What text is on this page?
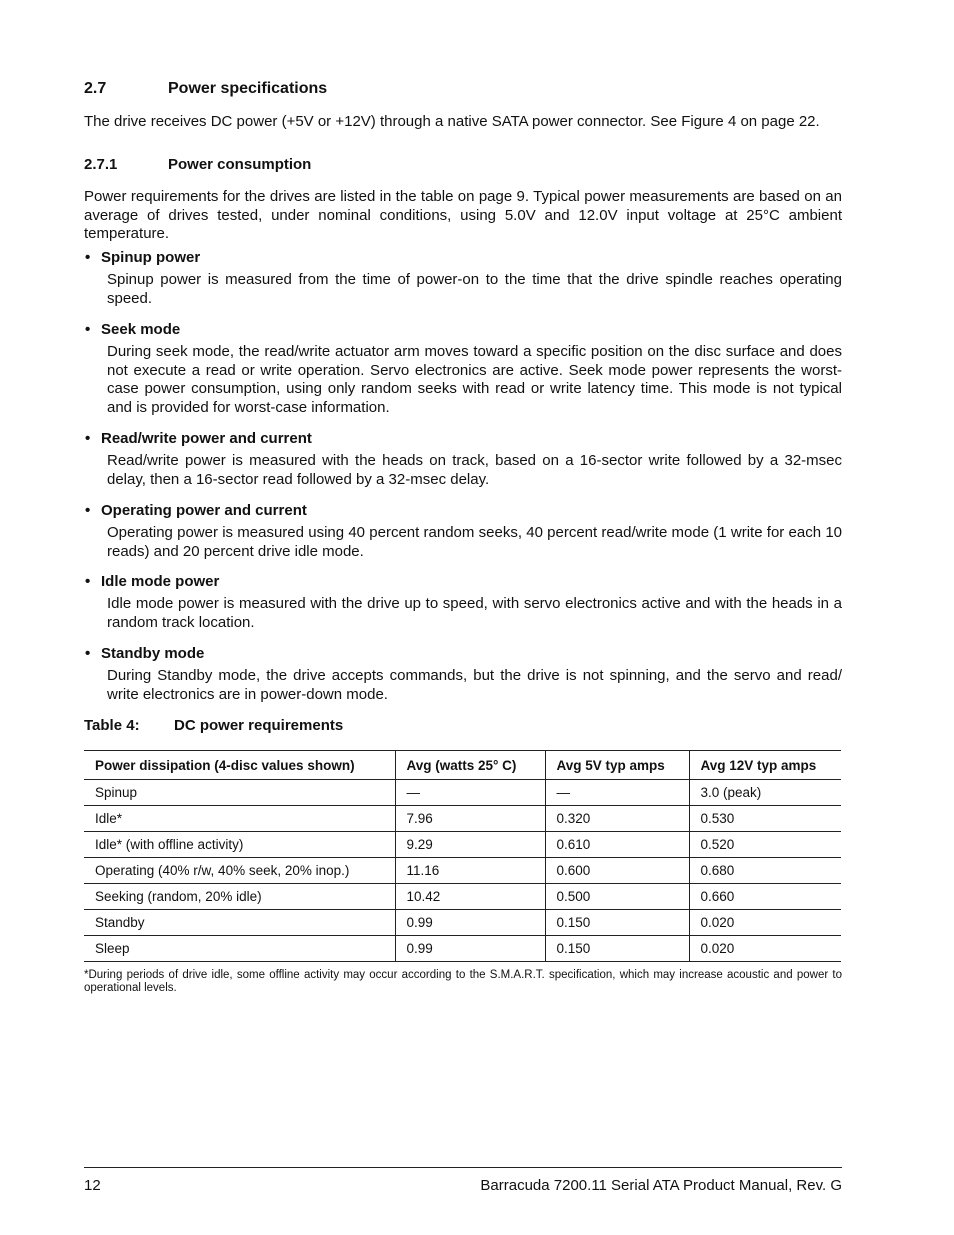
2.7	Power specifications
The drive receives DC power (+5V or +12V) through a native SATA power connector. See Figure 4 on page 22.
2.7.1	Power consumption
Power requirements for the drives are listed in the table on page 9. Typical power measurements are based on an average of drives tested, under nominal conditions, using 5.0V and 12.0V input voltage at 25°C ambient temperature.
• Spinup power
Spinup power is measured from the time of power-on to the time that the drive spindle reaches operating speed.
• Seek mode
During seek mode, the read/write actuator arm moves toward a specific position on the disc surface and does not execute a read or write operation. Servo electronics are active. Seek mode power represents the worst-case power consumption, using only random seeks with read or write latency time. This mode is not typical and is provided for worst-case information.
• Read/write power and current
Read/write power is measured with the heads on track, based on a 16-sector write followed by a 32-msec delay, then a 16-sector read followed by a 32-msec delay.
• Operating power and current
Operating power is measured using 40 percent random seeks, 40 percent read/write mode (1 write for each 10 reads) and 20 percent drive idle mode.
• Idle mode power
Idle mode power is measured with the drive up to speed, with servo electronics active and with the heads in a random track location.
• Standby mode
During Standby mode, the drive accepts commands, but the drive is not spinning, and the servo and read/ write electronics are in power-down mode.
Table 4: DC power requirements
Power dissipation (4-disc values shown)	Avg (watts 25° C)	Avg 5V typ amps	Avg 12V typ amps
Spinup	—	—	3.0 (peak)
Idle*	7.96	0.320	0.530
Idle* (with offline activity)	9.29	0.610	0.520
Operating (40% r/w, 40% seek, 20% inop.)	11.16	0.600	0.680
Seeking (random, 20% idle)	10.42	0.500	0.660
Standby	0.99	0.150	0.020
Sleep	0.99	0.150	0.020
*During periods of drive idle, some offline activity may occur according to the S.M.A.R.T. specification, which may increase acoustic and power to operational levels.
12	Barracuda 7200.11 Serial ATA Product Manual, Rev. G
